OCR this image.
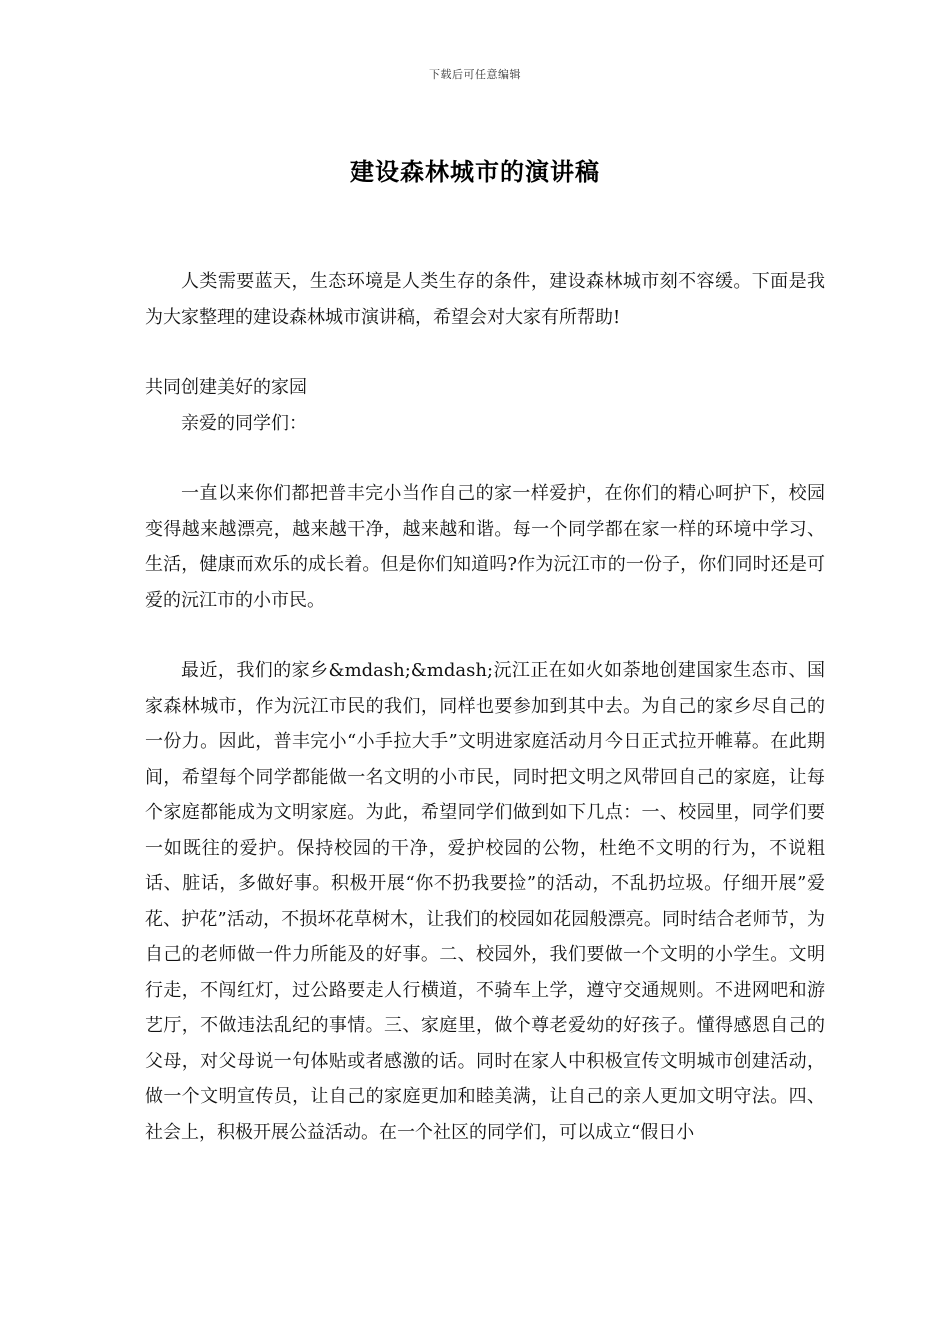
下载后可任意编辑
建设森林城市的演讲稿

人类需要蓝天，生态环境是人类生存的条件，建设森林城市刻不容缓。下面是我为大家整理的建设森林城市演讲稿，希望会对大家有所帮助!

共同创建美好的家园

亲爱的同学们：

一直以来你们都把普丰完小当作自己的家一样爱护，在你们的精心呵护下，校园变得越来越漂亮，越来越干净，越来越和谐。每一个同学都在家一样的环境中学习、生活，健康而欢乐的成长着。但是你们知道吗?作为沅江市的一份子，你们同时还是可爱的沅江市的小市民。

最近，我们的家乡&mdash;&mdash;沅江正在如火如荼地创建国家生态市、国家森林城市，作为沅江市民的我们，同样也要参加到其中去。为自己的家乡尽自己的一份力。因此，普丰完小“小手拉大手”文明进家庭活动月今日正式拉开帷幕。在此期间，希望每个同学都能做一名文明的小市民，同时把文明之风带回自己的家庭，让每个家庭都能成为文明家庭。为此，希望同学们做到如下几点：一、校园里，同学们要一如既往的爱护。保持校园的干净，爱护校园的公物，杜绝不文明的行为，不说粗话、脏话，多做好事。积极开展“你不扔我要捡”的活动，不乱扔垃圾。仔细开展”爱花、护花”活动，不损坏花草树木，让我们的校园如花园般漂亮。同时结合老师节，为自己的老师做一件力所能及的好事。二、校园外，我们要做一个文明的小学生。文明行走，不闯红灯，过公路要走人行横道，不骑车上学，遵守交通规则。不进网吧和游艺厅，不做违法乱纪的事情。三、家庭里，做个尊老爱幼的好孩子。懂得感恩自己的父母，对父母说一句体贴或者感激的话。同时在家人中积极宣传文明城市创建活动，做一个文明宣传员，让自己的家庭更加和睦美满，让自己的亲人更加文明守法。四、社会上，积极开展公益活动。在一个社区的同学们，可以成立“假日小
